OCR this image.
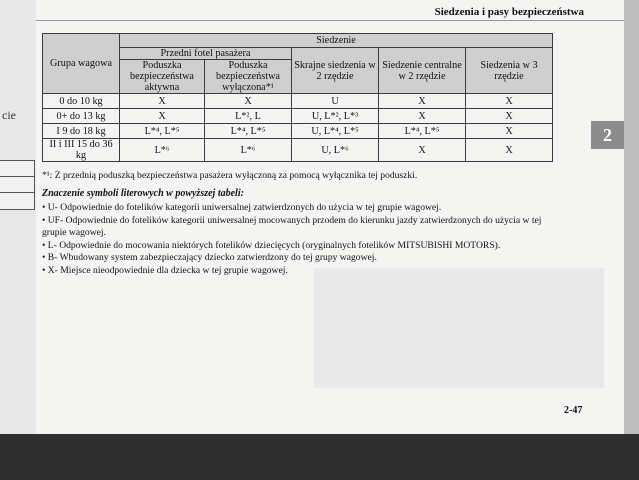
cie
Siedzenia i pasy bezpieczeństwa
Grupa wagowa	Siedzenie				
	Przedni fotel pasażera		Skrajne siedzenia w 2 rzędzie	Siedzenie centralne w 2 rzędzie	Siedzenia w 3 rzędzie
	Poduszka bezpieczeństwa aktywna	Poduszka bezpieczeństwa wyłączona*¹			
0 do 10 kg	X	X	U	X	X
0+ do 13 kg	X	L*², L	U, L*², L*³	X	X
I 9 do 18 kg	L*⁴, L*⁵	L*⁴, L*⁵	U, L*⁴, L*⁵	L*⁴, L*⁵	X
II i III 15 do 36 kg	L*⁶	L*⁶	U, L*⁶	X	X
*¹: Z przednią poduszką bezpieczeństwa pasażera wyłączoną za pomocą wyłącznika tej poduszki.
Znaczenie symboli literowych w powyższej tabeli:
• U- Odpowiednie do fotelików kategorii uniwersalnej zatwierdzonych do użycia w tej grupie wagowej.
• UF- Odpowiednie do fotelików kategorii uniwersalnej mocowanych przodem do kierunku jazdy zatwierdzonych do użycia w tej
grupie wagowej.
• L- Odpowiednie do mocowania niektórych fotelików dziecięcych (oryginalnych fotelików MITSUBISHI MOTORS).
• B- Wbudowany system zabezpieczający dziecko zatwierdzony do tej grupy wagowej.
• X- Miejsce nieodpowiednie dla dziecka w tej grupie wagowej.
2-47
2
